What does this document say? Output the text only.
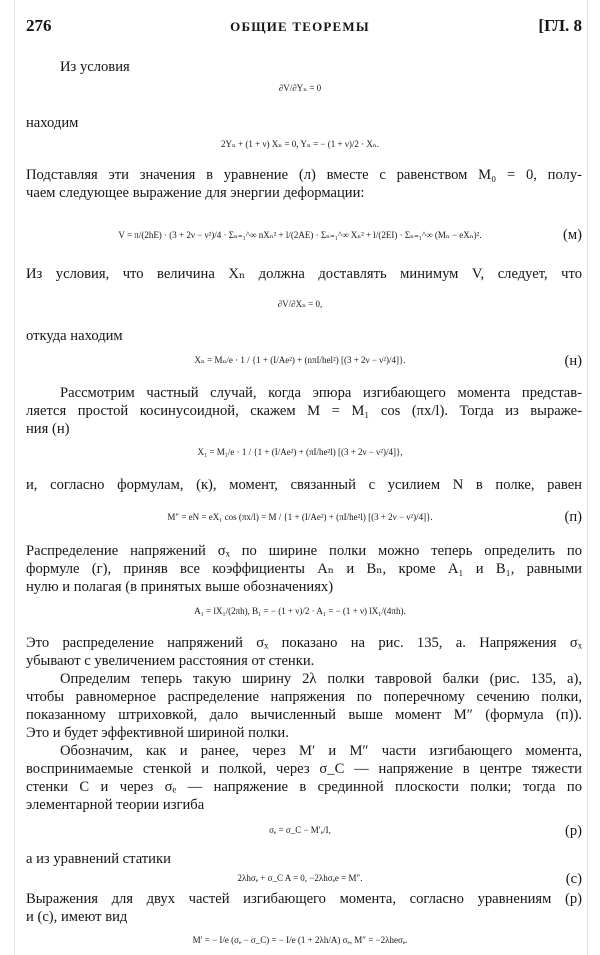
276	ОБЩИЕ ТЕОРЕМЫ	[ГЛ. 8
Из условия
∂V/∂Yₙ = 0
находим
2Yₙ + (1 + ν) Xₙ = 0, Yₙ = − (1 + ν)/2 · Xₙ.
Подставляя эти значения в уравнение (л) вместе с равенством M₀ = 0, полу-
чаем следующее выражение для энергии деформации:
V = π/(2hE) · (3 + 2ν − ν²)/4 · Σₙ₌₁^∞ nXₙ² + l/(2AE) · Σₙ₌₁^∞ Xₙ² + l/(2EI) · Σₙ₌₁^∞ (Mₙ − eXₙ)².	(м)
Из условия, что величина Xₙ должна доставлять минимум V, следует, что
∂V/∂Xₙ = 0,
откуда находим
Xₙ = Mₙ/e · 1 / {1 + (I/Ae²) + (nπI/hel²) [(3 + 2ν − ν²)/4]}.	(н)
Рассмотрим частный случай, когда эпюра изгибающего момента представ-
ляется простой косинусоидной, скажем M = M₁ cos (πx/l). Тогда из выраже-
ния (н)
X₁ = M₁/e · 1 / {1 + (I/Ae²) + (πI/he²l) [(3 + 2ν − ν²)/4]},
и, согласно формулам, (к), момент, связанный с усилием N в полке, равен
M″ = eN = eX₁ cos (πx/l) = M / {1 + (I/Ae²) + (πI/he²l) [(3 + 2ν − ν²)/4]}.	(п)
Распределение напряжений σₓ по ширине полки можно теперь определить по
формуле (г), приняв все коэффициенты Aₙ и Bₙ, кроме A₁ и B₁, равными
нулю и полагая (в принятых выше обозначениях)
A₁ = lX₁/(2πh), B₁ = − (1 + ν)/2 · A₁ = − (1 + ν) lX₁/(4πh).
Это распределение напряжений σₓ показано на рис. 135, а. Напряжения σₓ
убывают с увеличением расстояния от стенки.
Определим теперь такую ширину 2λ полки тавровой балки (рис. 135, а),
чтобы равномерное распределение напряжения по поперечному сечению полки,
показанному штриховкой, дало вычисленный выше момент M″ (формула (п)).
Это и будет эффективной шириной полки.
Обозначим, как и ранее, через M′ и M″ части изгибающего момента,
воспринимаемые стенкой и полкой, через σ_C — напряжение в центре тяжести
стенки C и через σₑ — напряжение в срединной плоскости полки; тогда по
элементарной теории изгиба
σₑ = σ_C − M′ₑ/I,	(р)
а из уравнений статики
2λhσₑ + σ_C A = 0, −2λhσₑe = M″.	(с)
Выражения для двух частей изгибающего момента, согласно уравнениям (р)
и (с), имеют вид
M′ = − I/e (σₑ − σ_C) = − I/e (1 + 2λh/A) σₑ, M″ = −2λheσₑ.
